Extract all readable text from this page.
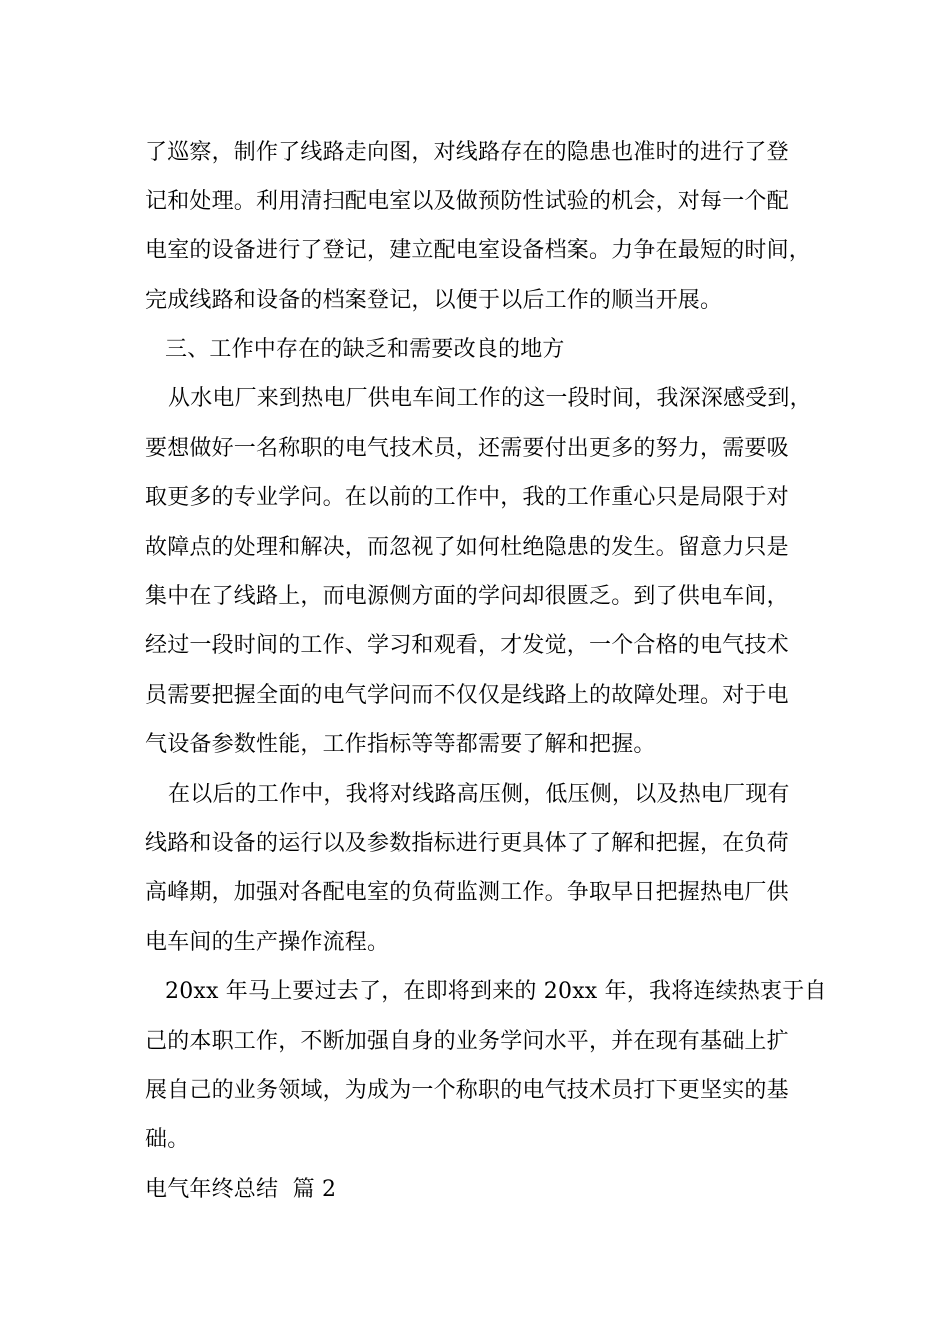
了巡察，制作了线路走向图，对线路存在的隐患也准时的进行了登
记和处理。利用清扫配电室以及做预防性试验的机会，对每一个配
电室的设备进行了登记，建立配电室设备档案。力争在最短的时间，
完成线路和设备的档案登记，以便于以后工作的顺当开展。
三、工作中存在的缺乏和需要改良的地方
从水电厂来到热电厂供电车间工作的这一段时间，我深深感受到，
要想做好一名称职的电气技术员，还需要付出更多的努力，需要吸
取更多的专业学问。在以前的工作中，我的工作重心只是局限于对
故障点的处理和解决，而忽视了如何杜绝隐患的发生。留意力只是
集中在了线路上，而电源侧方面的学问却很匮乏。到了供电车间，
经过一段时间的工作、学习和观看，才发觉，一个合格的电气技术
员需要把握全面的电气学问而不仅仅是线路上的故障处理。对于电
气设备参数性能，工作指标等等都需要了解和把握。
在以后的工作中，我将对线路高压侧，低压侧，以及热电厂现有
线路和设备的运行以及参数指标进行更具体了了解和把握，在负荷
高峰期，加强对各配电室的负荷监测工作。争取早日把握热电厂供
电车间的生产操作流程。
20xx 年马上要过去了，在即将到来的 20xx 年，我将连续热衷于自
己的本职工作，不断加强自身的业务学问水平，并在现有基础上扩
展自己的业务领域，为成为一个称职的电气技术员打下更坚实的基
础。
电气年终总结  篇 2
